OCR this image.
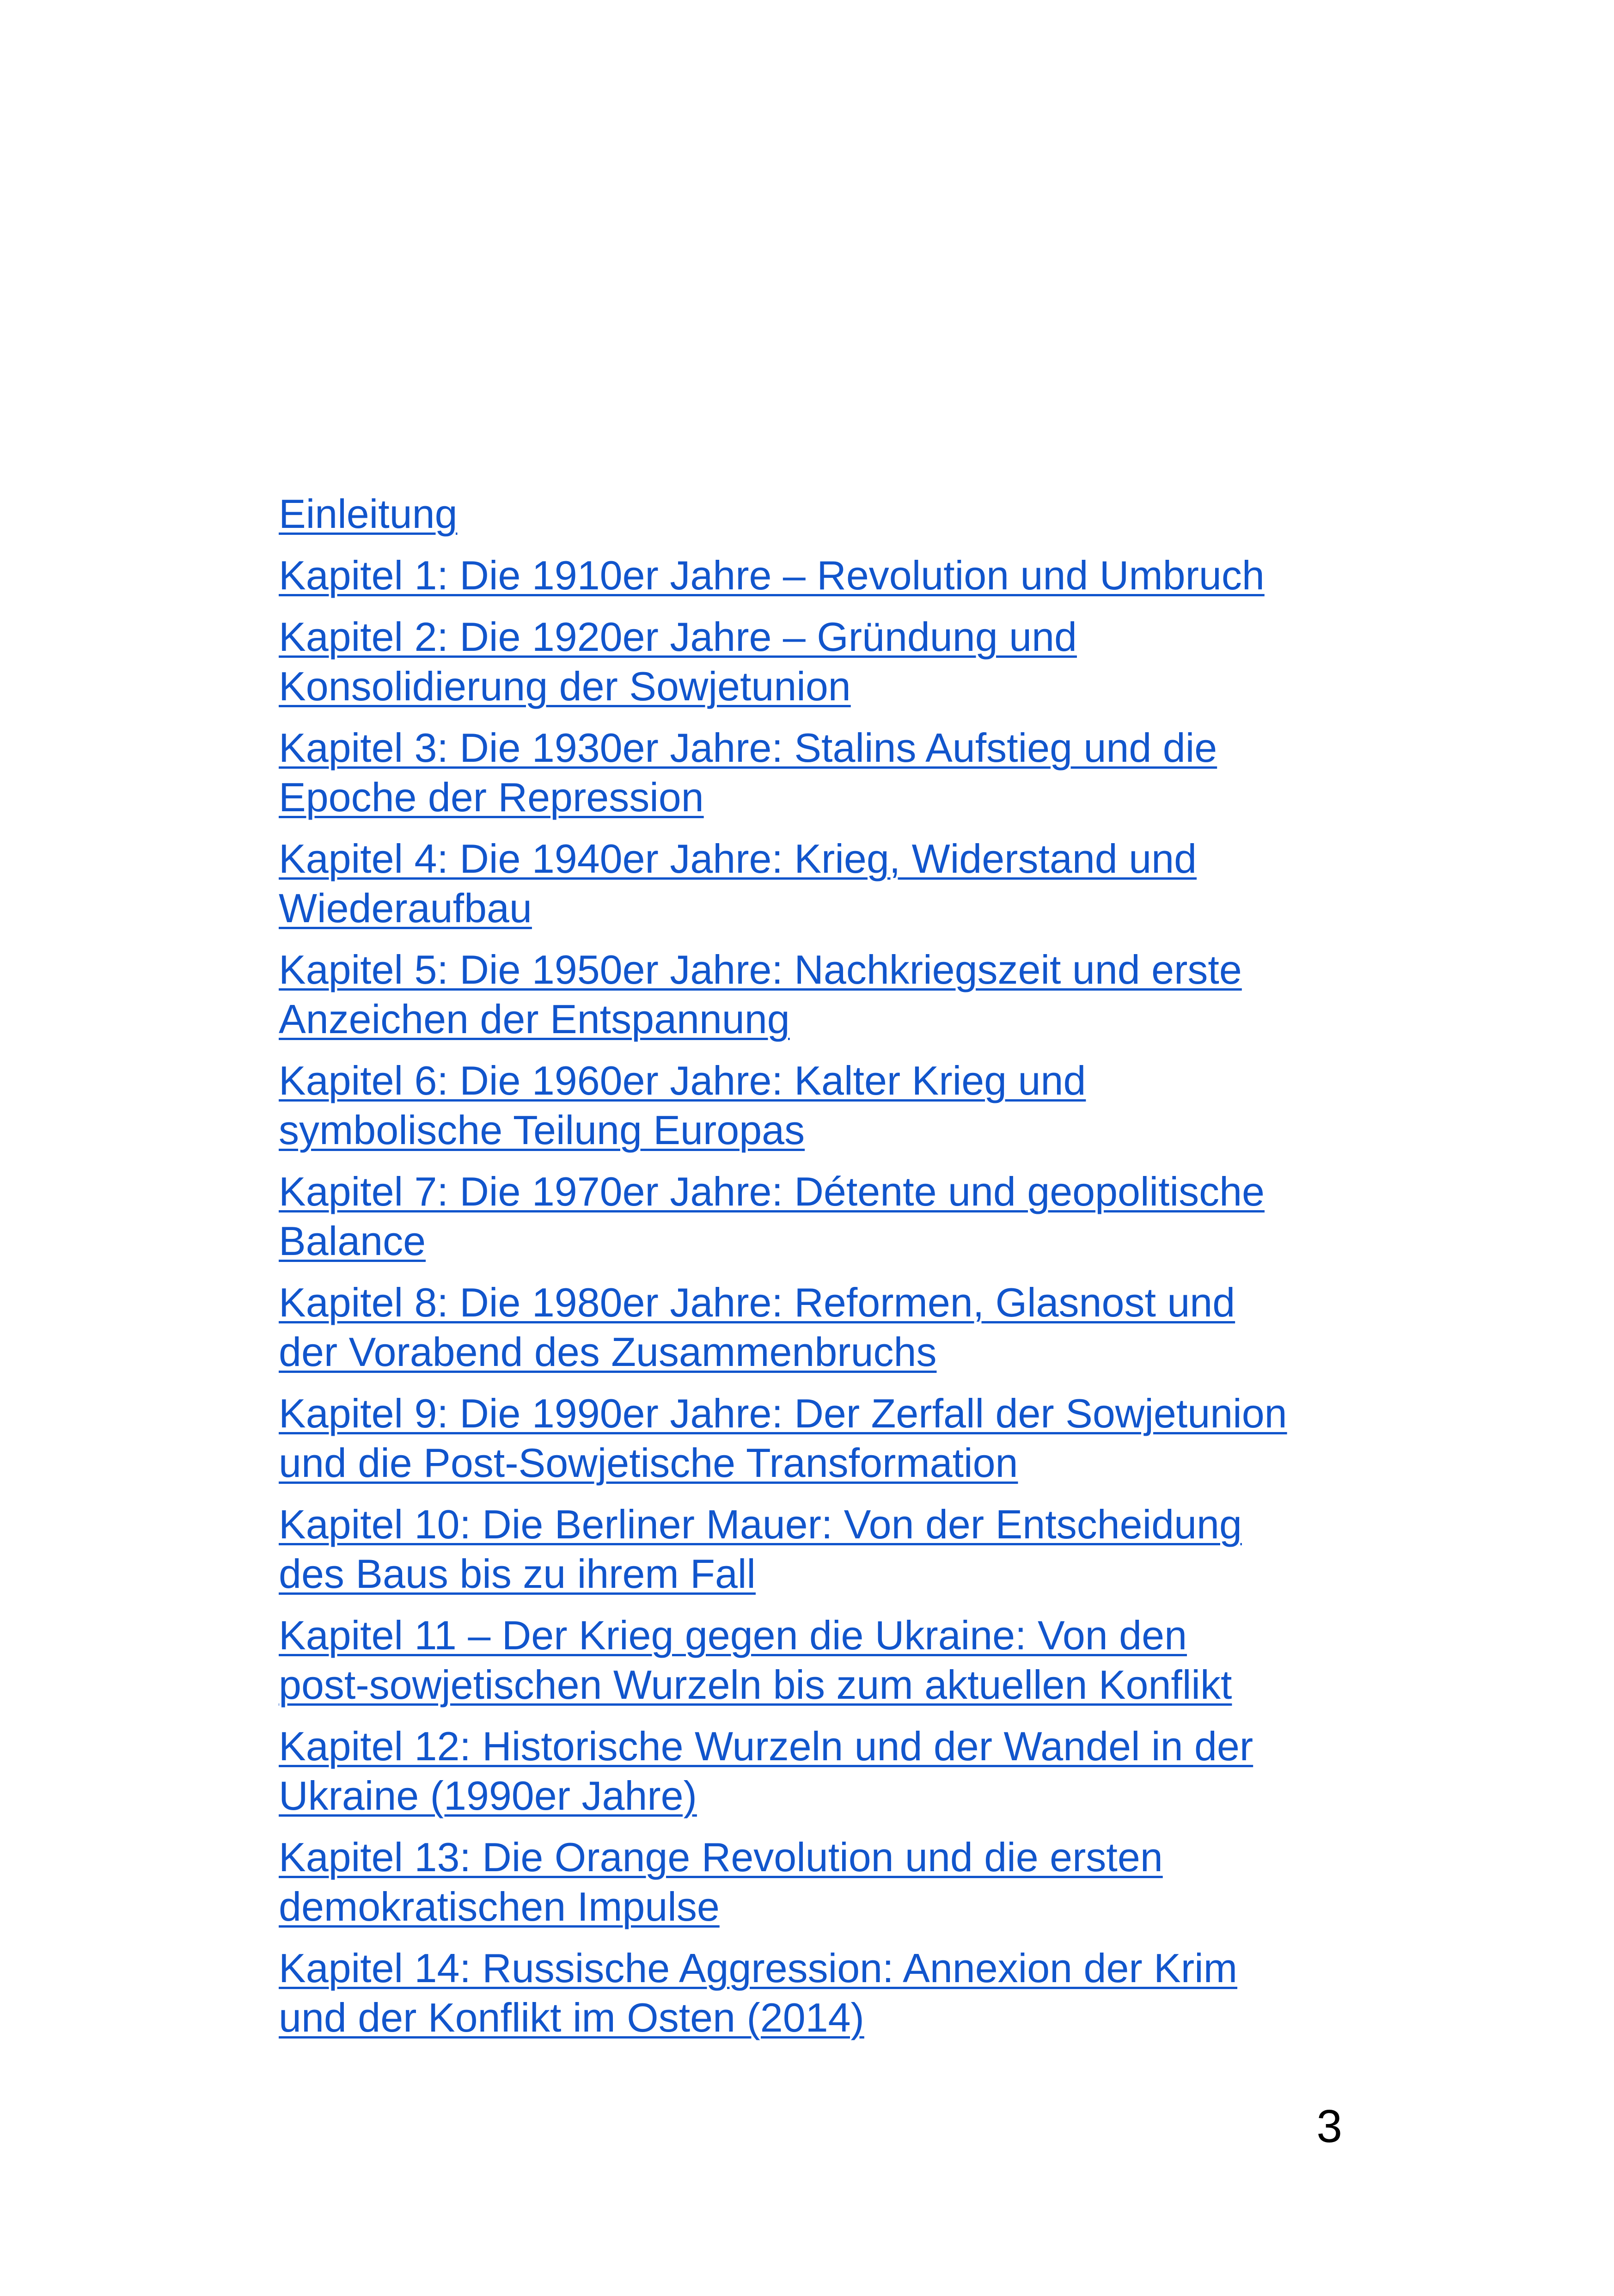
Einleitung
Kapitel 1: Die 1910er Jahre – Revolution und Umbruch
Kapitel 2: Die 1920er Jahre – Gründung und
Konsolidierung der Sowjetunion
Kapitel 3: Die 1930er Jahre: Stalins Aufstieg und die
Epoche der Repression
Kapitel 4: Die 1940er Jahre: Krieg, Widerstand und
Wiederaufbau
Kapitel 5: Die 1950er Jahre: Nachkriegszeit und erste
Anzeichen der Entspannung
Kapitel 6: Die 1960er Jahre: Kalter Krieg und
symbolische Teilung Europas
Kapitel 7: Die 1970er Jahre: Détente und geopolitische
Balance
Kapitel 8: Die 1980er Jahre: Reformen, Glasnost und
der Vorabend des Zusammenbruchs
Kapitel 9: Die 1990er Jahre: Der Zerfall der Sowjetunion
und die Post-Sowjetische Transformation
Kapitel 10: Die Berliner Mauer: Von der Entscheidung
des Baus bis zu ihrem Fall
Kapitel 11 – Der Krieg gegen die Ukraine: Von den
post-sowjetischen Wurzeln bis zum aktuellen Konflikt
Kapitel 12: Historische Wurzeln und der Wandel in der
Ukraine (1990er Jahre)
Kapitel 13: Die Orange Revolution und die ersten
demokratischen Impulse
Kapitel 14: Russische Aggression: Annexion der Krim
und der Konflikt im Osten (2014)
3
